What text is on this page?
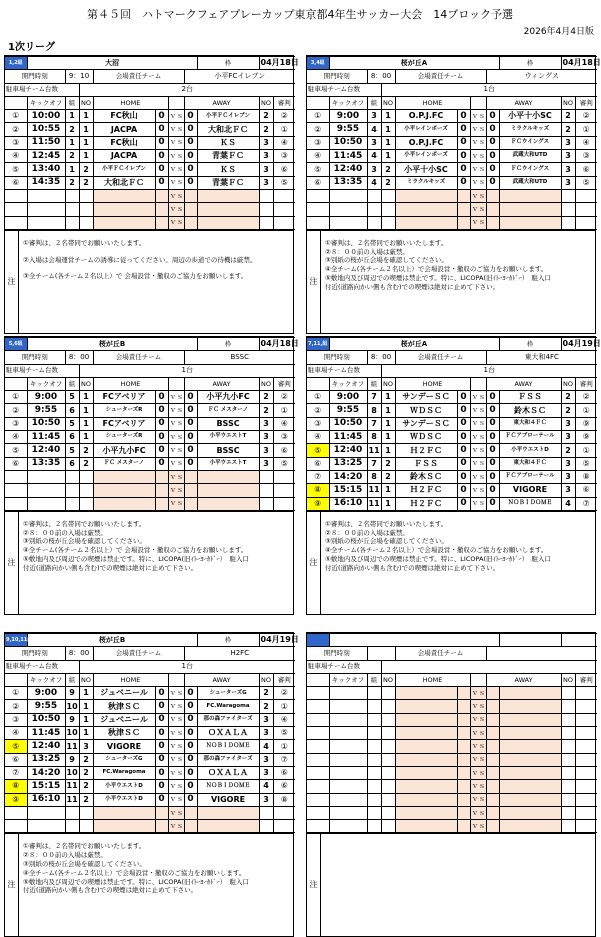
第４５回　ハトマークフェアプレーカップ東京都4年生サッカー大会　14ブロック予選
2026年4月4日版
1次リーグ
1,2組	大沼							枠	04月18日	
開門時刻		9：10		会場責任チーム			小平FCイレブン			
駐車場チーム台数			2台							
	キックオフ	組	NO	HOME			AWAY		NO	審判
①	10:00	1	1	FC秋山	0	ｖｓ	0	小平ＦＣイレブン	2	②
②	10:55	2	1	JACPA	0	ｖｓ	0	大和北ＦＣ	2	①
③	11:50	1	1	FC秋山	0	ｖｓ	0	ＫＳ	3	④
④	12:45	2	1	JACPA	0	ｖｓ	0	青葉ＦＣ	3	③
⑤	13:40	1	2	小平ＦＣイレブン	0	ｖｓ	0	ＫＳ	3	⑥
⑥	14:35	2	2	大和北ＦＣ	0	ｖｓ	0	青葉ＦＣ	3	⑤
						ｖｓ				
						ｖｓ				
						ｖｓ				
注

①審判は、２名帯同でお願いいたします。

②入場は会場運営チームの誘導に従ってください。周辺の歩道での待機は厳禁。

③全チーム(各チーム２名以上）で 会場設営・撤収のご協力をお願いします。

3,4組	桜が丘A							枠	04月18日	
開門時刻		8：00		会場責任チーム			ウィングス			
駐車場チーム台数			1台							
	キックオフ	組	NO	HOME			AWAY		NO	審判
①	9:00	3	1	O.P.J.FC	0	ｖｓ	0	小平十小SC	2	②
②	9:55	4	1	小平レインボーズ	0	ｖｓ	0	ミラクルキッズ	2	①
③	10:50	3	1	O.P.J.FC	0	ｖｓ	0	ＦＣウイングス	3	④
④	11:45	4	1	小平レインボーズ	0	ｖｓ	0	武蔵大和UTD	3	③
⑤	12:40	3	2	小平十小SC	0	ｖｓ	0	ＦＣウイングス	3	⑥
⑥	13:35	4	2	ミラクルキッズ	0	ｖｓ	0	武蔵大和UTD	3	⑤
						ｖｓ				
						ｖｓ				
						ｖｓ				
注

①審判は、２名帯同でお願いいたします。

②８：００前の入場は厳禁。

③別紙の桜が丘会場を確認してください。

④全チーム(各チーム２名以上）で会場設営・撤収のご協力をお願いします。

⑤敷地内及び周辺での喫煙は禁止です。特に、LICOPA(旧ｲﾄｰﾖｰｶﾄﾞｰ）　駐入口

付近(道路向かい側も含む)での喫煙は絶対に止めて下さい。

5,6組	桜が丘B							枠	04月18日	
開門時刻		8：00		会場責任チーム			BSSC			
駐車場チーム台数			1台							
	キックオフ	組	NO	HOME			AWAY		NO	審判
①	9:00	5	1	FCアベリア	0	ｖｓ	0	小平九小FC	2	②
②	9:55	6	1	シューターズR	0	ｖｓ	0	ＦＣ メスターノ	2	①
③	10:50	5	1	FCアベリア	0	ｖｓ	0	BSSC	3	④
④	11:45	6	1	シューターズR	0	ｖｓ	0	小平ウエストT	3	③
⑤	12:40	5	2	小平九小FC	0	ｖｓ	0	BSSC	3	⑥
⑥	13:35	6	2	ＦＣ メスターノ	0	ｖｓ	0	小平ウエストT	3	⑤
						ｖｓ				
						ｖｓ				
						ｖｓ				
注

①審判は、２名帯同でお願いいたします。

②８：００前の入場は厳禁。

③別紙の桜が丘会場を確認してください。

④全チーム(各チーム２名以上）で 会場設営・撤収のご協力をお願いします。

⑤敷地内及び周辺での喫煙は禁止です。特に、LICOPA(旧ｲﾄｰﾖｰｶﾄﾞｰ）　駐入口

付近(道路向かい側も含む)での喫煙は絶対に止めて下さい。

7,11,組	桜が丘A							枠	04月19日	
開門時刻		8：00		会場責任チーム			東大和4FC			
駐車場チーム台数			1台							
	キックオフ	組	NO	HOME			AWAY		NO	審判
①	9:00	7	1	サンデーＳＣ	0	ｖｓ	0	ＦＳＳ	2	②
②	9:55	8	1	ＷＤＳＣ	0	ｖｓ	0	鈴木ＳＣ	2	①
③	10:50	7	1	サンデーＳＣ	0	ｖｓ	0	東大和４ＦＣ	3	⑨
④	11:45	8	1	ＷＤＳＣ	0	ｖｓ	0	ＦＣアブローテール	3	⑨
⑤	12:40	11	1	Ｈ２ＦＣ	0	ｖｓ	0	小平ウエストD	2	①
⑥	13:25	7	2	ＦＳＳ	0	ｖｓ	0	東大和４ＦＣ	3	⑤
⑦	14:20	8	2	鈴木ＳＣ	0	ｖｓ	0	ＦＣアブローテール	3	⑧
⑧	15:15	11	1	Ｈ２ＦＣ	0	ｖｓ	0	VIGORE	3	⑥
⑨	16:10	11	1	Ｈ２ＦＣ	0	ｖｓ	0	ＮＯＢＩＤＯＭＥ	4	⑦
注

①審判は、２名帯同でお願いいたします。

②８：００前の入場は厳禁。

③別紙の桜が丘会場を確認してください。

④全チーム(各チーム２名以上）で会場設営・撤収のご協力をお願いします。

⑤敷地内及び周辺での喫煙は禁止です。特に、LICOPA(旧ｲﾄｰﾖｰｶﾄﾞｰ）　駐入口

付近(道路向かい側も含む)での喫煙は絶対に止めて下さい。

9,10,11組	桜が丘B							枠	04月19日	
開門時刻		8：00		会場責任チーム			H2FC			
駐車場チーム台数			1台							
	キックオフ	組	NO	HOME			AWAY		NO	審判
①	9:00	9	1	ジュベニール	0	ｖｓ	0	シューターズG	2	②
②	9:55	10	1	秋津ＳＣ	0	ｖｓ	0	FC.Waragoma	2	①
③	10:50	9	1	ジュベニール	0	ｖｓ	0	那の森ファイターズ	3	④
④	11:45	10	1	秋津ＳＣ	0	ｖｓ	0	ＯＸＡＬＡ	3	⑤
⑤	12:40	11	3	VIGORE	0	ｖｓ	0	ＮＯＢＩＤＯＭＥ	4	①
⑥	13:25	9	2	シューターズG	0	ｖｓ	0	那の森ファイターズ	3	⑦
⑦	14:20	10	2	FC.Waragoma	0	ｖｓ	0	ＯＸＡＬＡ	3	⑥
⑧	15:15	11	2	小平ウエストD	0	ｖｓ	0	ＮＯＢＩＤＯＭＥ	4	⑥
⑨	16:10	11	2	小平ウエストD	0	ｖｓ	0	VIGORE	3	⑧
						ｖｓ				
						ｖｓ				
注

①審判は、２名帯同でお願いいたします。

②８：００前の入場は厳禁。

③別紙の桜が丘会場を確認してください。

④全チーム(各チーム２名以上）で会場設営・撤収のご協力をお願いします。

⑤敷地内及び周辺での喫煙は禁止です。特に、LICOPA(旧ｲﾄｰﾖｰｶﾄﾞｰ）　駐入口

付近(道路向かい側も含む)での喫煙は絶対に止めて下さい。

開門時刻				会場責任チーム						
駐車場チーム台数										
	キックオフ	組	NO	HOME			AWAY		NO	審判
						ｖｓ				
						ｖｓ				
						ｖｓ				
						ｖｓ				
						ｖｓ				
						ｖｓ				
						ｖｓ				
						ｖｓ				
						ｖｓ				
						ｖｓ				
						ｖｓ				
注
